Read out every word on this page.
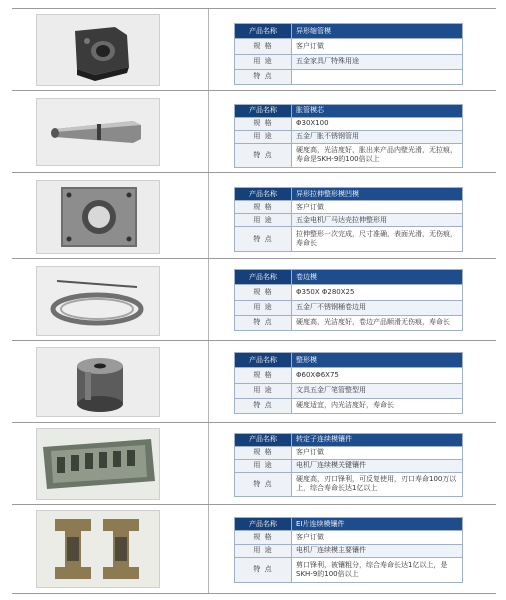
产品名称	异形缩管模
规 格	客户订做
用 途	五金家具厂特殊用途
特 点	
产品名称	胀管模芯
规 格	Φ30X100
用 途	五金厂胀不锈钢管用
特 点	硬度高，光洁度好，胀出来产品内壁光滑，无拉痕，寿命是SKH-9的100倍以上
产品名称	异形拉伸整形模凹模
规 格	客户订做
用 途	五金电机厂马达壳拉伸整形用
特 点	拉伸整形一次完成，尺寸准确，表面光滑，无伤痕，寿命长
产品名称	卷边模
规 格	Φ350X Φ280X25
用 途	五金厂不锈钢桶卷边用
特 点	硬度高，光洁度好，卷边产品顺滑无伤痕，寿命长
产品名称	整形模
规 格	Φ60XΦ6X75
用 途	文具五金厂笔管整型用
特 点	硬度适宜，内光洁度好，寿命长
产品名称	转定子连续模镶件
规 格	客户订做
用 途	电机厂连续模关键镶件
特 点	硬度高，刃口锋利，可反复使用，刃口寿命100万以上，综合寿命长达1亿以上
产品名称	EI片连续模镶件
规 格	客户订做
用 途	电机厂连续模主要镶件
特 点	剪口锋利，被镶粗分，综合寿命长达1亿以上，是SKH-9的100倍以上
